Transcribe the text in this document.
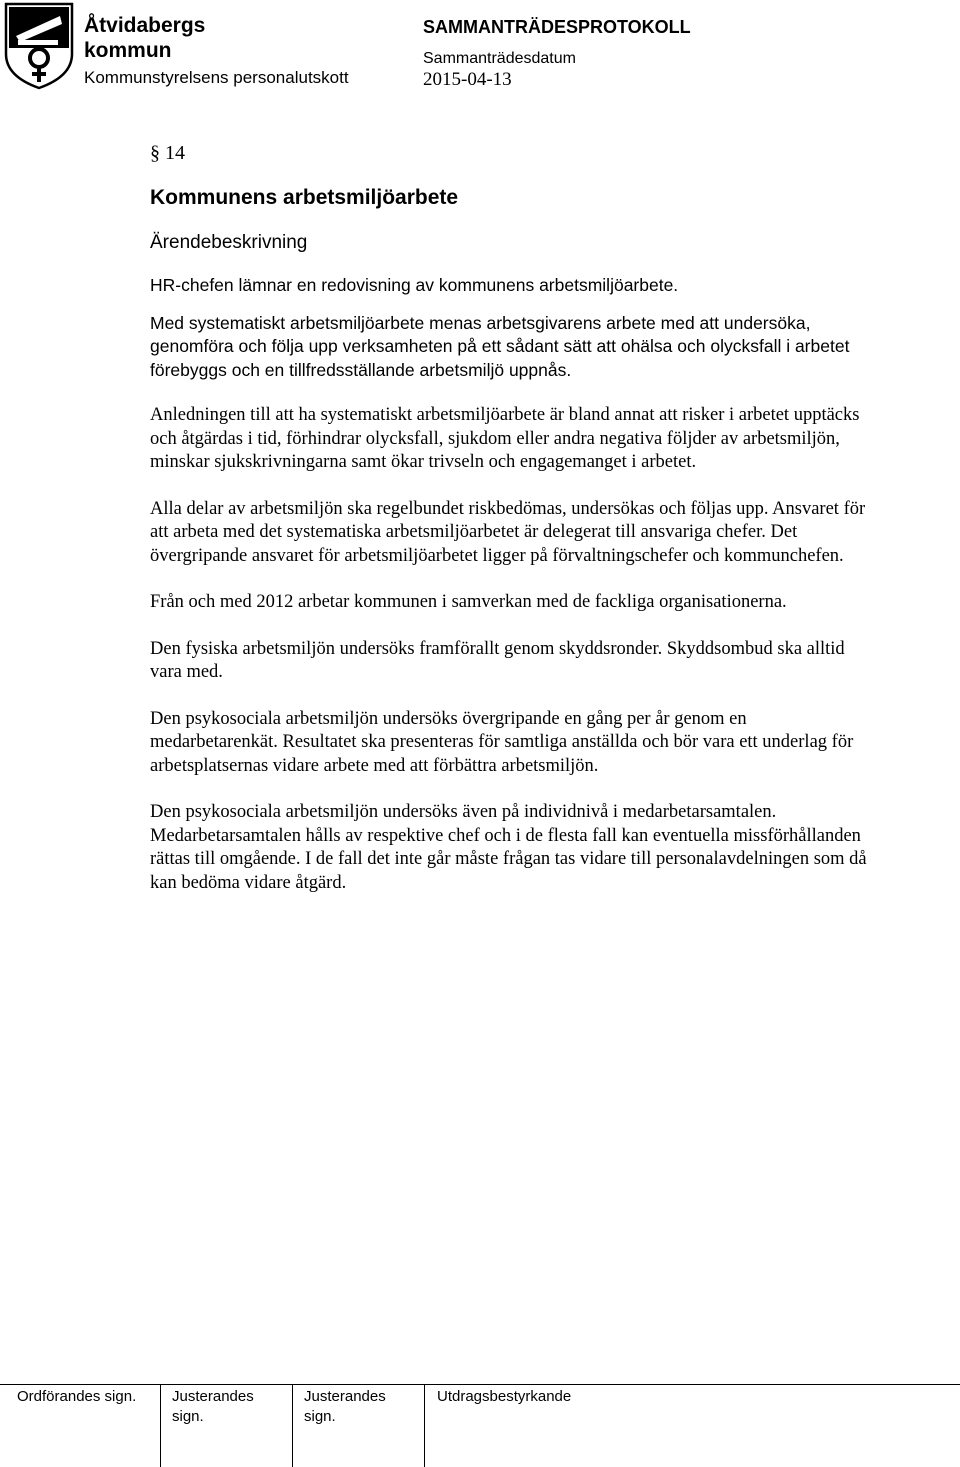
Åtvidabergs
kommun
Kommunstyrelsens personalutskott
SAMMANTRÄDESPROTOKOLL
Sammanträdesdatum
2015-04-13
§ 14
Kommunens arbetsmiljöarbete
Ärendebeskrivning

HR-chefen lämnar en redovisning av kommunens arbetsmiljöarbete.

Med systematiskt arbetsmiljöarbete menas arbetsgivarens arbete med att undersöka, genomföra och följa upp verksamheten på ett sådant sätt att ohälsa och olycksfall i arbetet förebyggs och en tillfredsställande arbetsmiljö uppnås.

Anledningen till att ha systematiskt arbetsmiljöarbete är bland annat att risker i arbetet upptäcks och åtgärdas i tid, förhindrar olycksfall, sjukdom eller andra negativa följder av arbetsmiljön, minskar sjukskrivningarna samt ökar trivseln och engagemanget i arbetet.

Alla delar av arbetsmiljön ska regelbundet riskbedömas, undersökas och följas upp. Ansvaret för att arbeta med det systematiska arbetsmiljöarbetet är delegerat till ansvariga chefer. Det övergripande ansvaret för arbetsmiljöarbetet ligger på förvaltningschefer och kommunchefen.

Från och med 2012 arbetar kommunen i samverkan med de fackliga organisationerna.

Den fysiska arbetsmiljön undersöks framförallt genom skyddsronder. Skyddsombud ska alltid vara med.

Den psykosociala arbetsmiljön undersöks övergripande en gång per år genom en medarbetarenkät. Resultatet ska presenteras för samtliga anställda och bör vara ett underlag för arbetsplatsernas vidare arbete med att förbättra arbetsmiljön.

Den psykosociala arbetsmiljön undersöks även på individnivå i medarbetarsamtalen. Medarbetarsamtalen hålls av respektive chef och i de flesta fall kan eventuella missförhållanden rättas till omgående. I de fall det inte går måste frågan tas vidare till personalavdelningen som då kan bedöma vidare åtgärd.

Ordförandes sign. Justerandes
sign.
Justerandes
sign.
Utdragsbestyrkande
